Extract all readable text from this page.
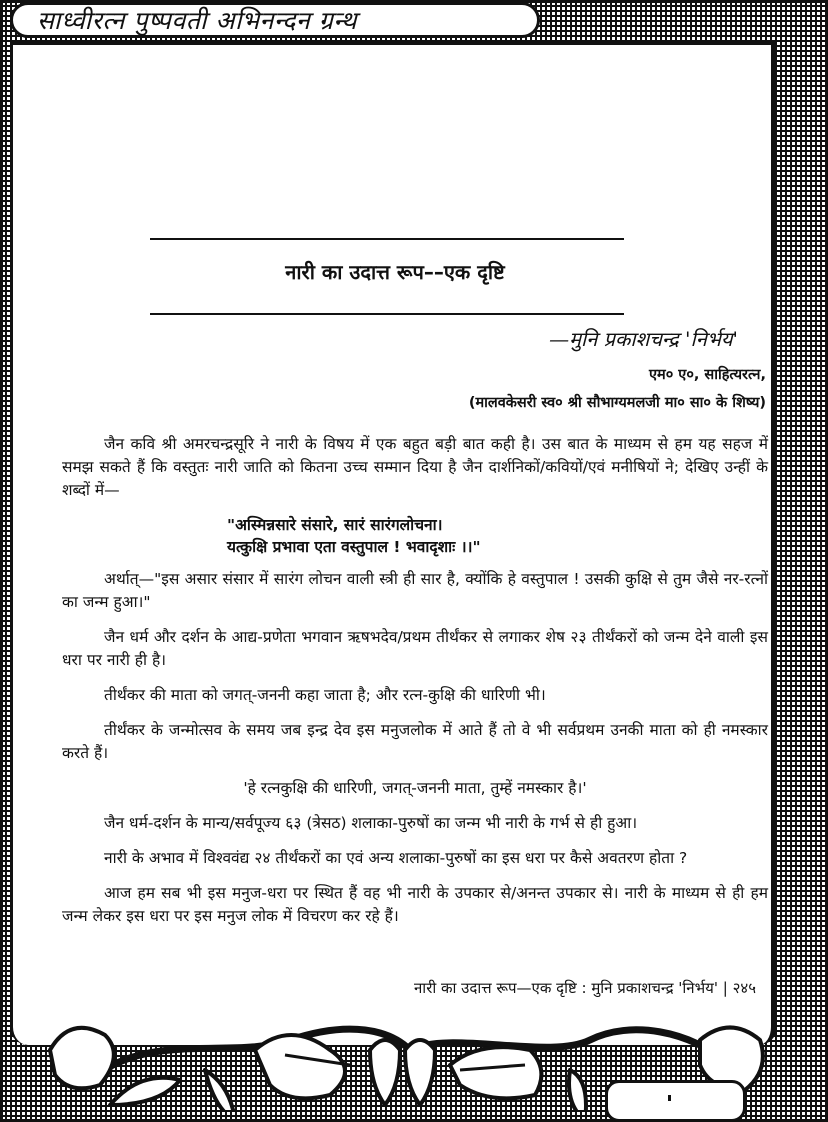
साध्वीरत्न पुष्पवती अभिनन्दन ग्रन्थ
नारी का उदात्त रूप––एक दृष्टि
—मुनि प्रकाशचन्द्र 'निर्भय'
एम० ए०, साहित्यरत्न,
(मालवकेसरी स्व० श्री सौभाग्यमलजी मा० सा० के शिष्य)

जैन कवि श्री अमरचन्द्रसूरि ने नारी के विषय में एक बहुत बड़ी बात कही है। उस बात के माध्यम से हम यह सहज में समझ सकते हैं कि वस्तुतः नारी जाति को कितना उच्च सम्मान दिया है जैन दार्शनिकों/कवियों/एवं मनीषियों ने; देखिए उन्हीं के शब्दों में—

"अस्मिन्नसारे संसारे, सारं सारंगलोचना।

यत्कुक्षि प्रभावा एता वस्तुपाल ! भवादृशाः ।।"

अर्थात्—"इस असार संसार में सारंग लोचन वाली स्त्री ही सार है, क्योंकि हे वस्तुपाल ! उसकी कुक्षि से तुम जैसे नर-रत्नों का जन्म हुआ।"

जैन धर्म और दर्शन के आद्य-प्रणेता भगवान ऋषभदेव/प्रथम तीर्थंकर से लगाकर शेष २३ तीर्थंकरों को जन्म देने वाली इस धरा पर नारी ही है।

तीर्थंकर की माता को जगत्-जननी कहा जाता है; और रत्न-कुक्षि की धारिणी भी।

तीर्थंकर के जन्मोत्सव के समय जब इन्द्र देव इस मनुजलोक में आते हैं तो वे भी सर्वप्रथम उनकी माता को ही नमस्कार करते हैं।

'हे रत्नकुक्षि की धारिणी, जगत्-जननी माता, तुम्हें नमस्कार है।'

जैन धर्म-दर्शन के मान्य/सर्वपूज्य ६३ (त्रेसठ) शलाका-पुरुषों का जन्म भी नारी के गर्भ से ही हुआ।

नारी के अभाव में विश्ववंद्य २४ तीर्थंकरों का एवं अन्य शलाका-पुरुषों का इस धरा पर कैसे अवतरण होता ?

आज हम सब भी इस मनुज-धरा पर स्थित हैं वह भी नारी के उपकार से/अनन्त उपकार से। नारी के माध्यम से ही हम जन्म लेकर इस धरा पर इस मनुज लोक में विचरण कर रहे हैं।

नारी का उदात्त रूप—एक दृष्टि : मुनि प्रकाशचन्द्र 'निर्भय' | २४५
